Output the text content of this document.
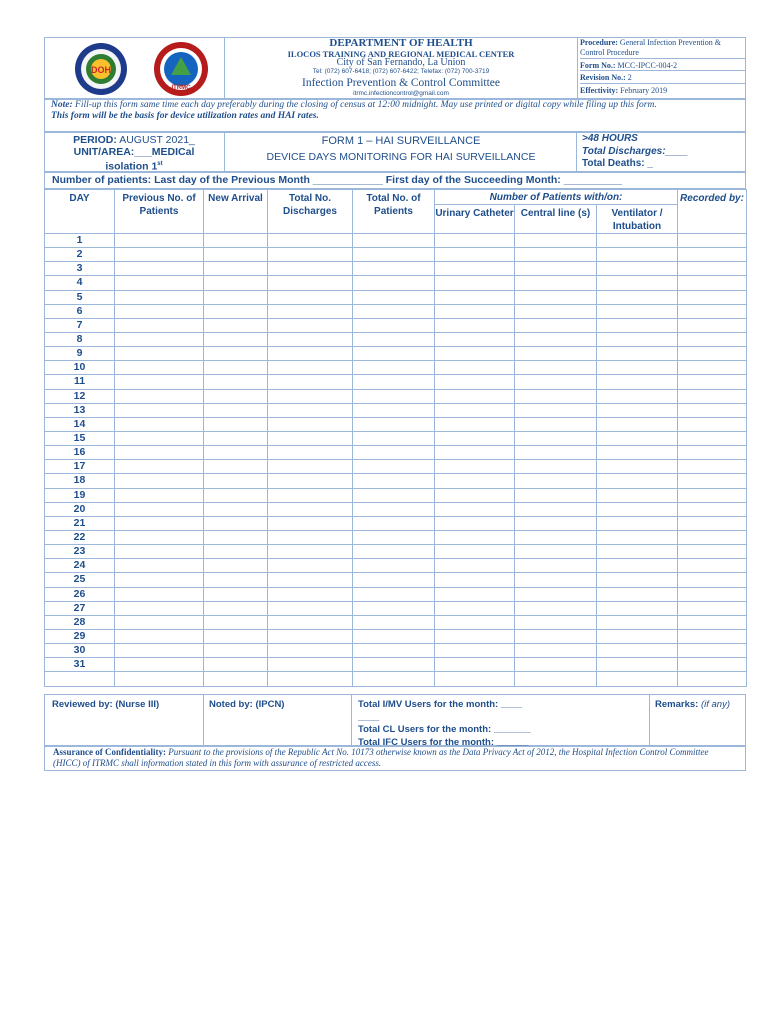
DOH
ITRMC
DEPARTMENT OF HEALTH
ILOCOS TRAINING AND REGIONAL MEDICAL CENTER
City of San Fernando, La Union
Tel: (072) 607-6418; (072) 607-6422; Telefax: (072) 700-3719
Infection Prevention & Control Committee
itrmc.infectioncontrol@gmail.com
Procedure: General Infection Prevention & Control Procedure
Form No.: MCC-IPCC-004-2
Revision No.: 2
Effectivity: February 2019
Note: Fill-up this form same time each day preferably during the closing of census at 12:00 midnight. May use printed or digital copy while filing up this form.
This form will be the basis for device utilization rates and HAI rates.
PERIOD: AUGUST 2021_
UNIT/AREA:___MEDICal
isolation 1st
FORM 1 – HAI SURVEILLANCE
DEVICE DAYS MONITORING FOR HAI SURVEILLANCE
>48 HOURS
Total Discharges:____
Total Deaths: _
Number of patients: Last day of the Previous Month ____________ First day of the Succeeding Month: __________
DAY	Previous No. of Patients	New Arrival	Total No. Discharges	Total No. of Patients	Number of Patients with/on:			Recorded by:
					Urinary Catheter	Central line (s)	Ventilator / Intubation	
1								
2								
3								
4								
5								
6								
7								
8								
9								
10								
11								
12								
13								
14								
15								
16								
17								
18								
19								
20								
21								
22								
23								
24								
25								
26								
27								
28								
29								
30								
31								

Reviewed by: (Nurse III)	Noted by: (IPCN)	Total I/MV Users for the month: ____
____
Total CL Users for the month: _______
Total IFC Users for the month: ______
Remarks: (if any)
Assurance of Confidentiality: Pursuant to the provisions of the Republic Act No. 10173 otherwise known as the Data Privacy Act of 2012, the Hospital Infection Control Committee (HICC) of ITRMC shall information stated in this form with assurance of restricted access.
